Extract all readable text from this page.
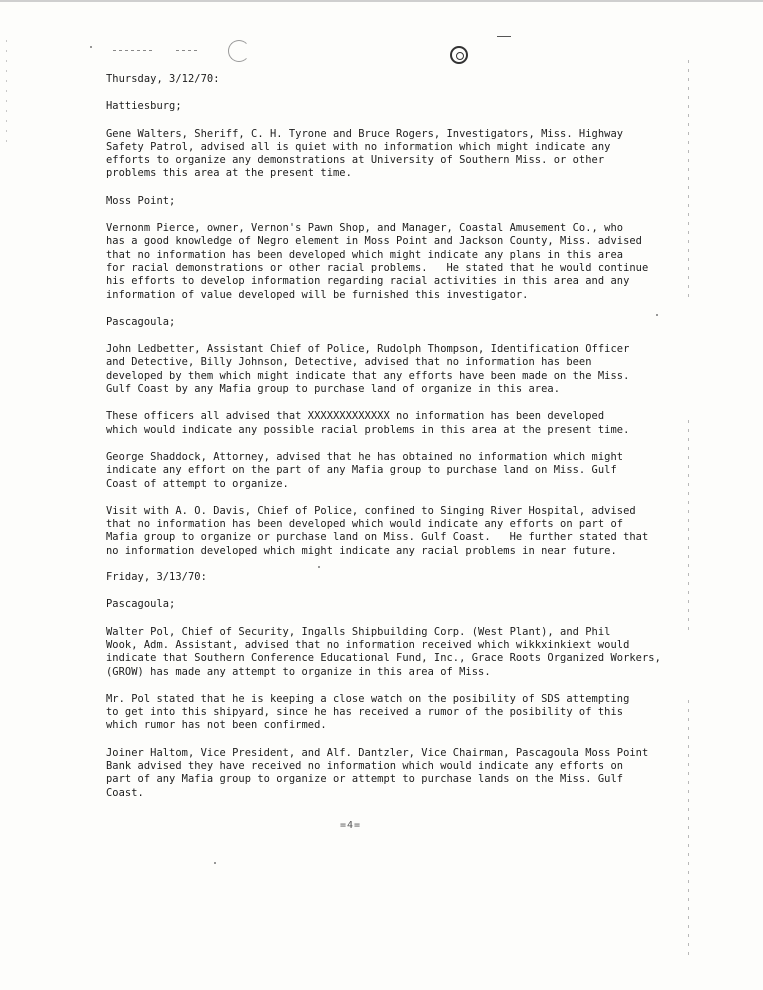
Thursday, 3/12/70:
Hattiesburg;
Gene Walters, Sheriff, C. H. Tyrone and Bruce Rogers, Investigators, Miss. Highway
Safety Patrol, advised all is quiet with no information which might indicate any
efforts to organize any demonstrations at University of Southern Miss. or other
problems this area at the present time.
Moss Point;
Vernonm Pierce, owner, Vernon's Pawn Shop, and Manager, Coastal Amusement Co., who
has a good knowledge of Negro element in Moss Point and Jackson County, Miss. advised
that no information has been developed which might indicate any plans in this area
for racial demonstrations or other racial problems.   He stated that he would continue
his efforts to develop information regarding racial activities in this area and any
information of value developed will be furnished this investigator.
Pascagoula;
John Ledbetter, Assistant Chief of Police, Rudolph Thompson, Identification Officer
and Detective, Billy Johnson, Detective, advised that no information has been
developed by them which might indicate that any efforts have been made on the Miss.
Gulf Coast by any Mafia group to purchase land of organize in this area.
These officers all advised that XXXXXXXXXXXXX no information has been developed
which would indicate any possible racial problems in this area at the present time.
George Shaddock, Attorney, advised that he has obtained no information which might
indicate any effort on the part of any Mafia group to purchase land on Miss. Gulf
Coast of attempt to organize.
Visit with A. O. Davis, Chief of Police, confined to Singing River Hospital, advised
that no information has been developed which would indicate any efforts on part of
Mafia group to organize or purchase land on Miss. Gulf Coast.   He further stated that
no information developed which might indicate any racial problems in near future.
Friday, 3/13/70:
Pascagoula;
Walter Pol, Chief of Security, Ingalls Shipbuilding Corp. (West Plant), and Phil
Wook, Adm. Assistant, advised that no information received which wikkxinkiext would
indicate that Southern Conference Educational Fund, Inc., Grace Roots Organized Workers,
(GROW) has made any attempt to organize in this area of Miss.
Mr. Pol stated that he is keeping a close watch on the posibility of SDS attempting
to get into this shipyard, since he has received a rumor of the posibility of this
which rumor has not been confirmed.
Joiner Haltom, Vice President, and Alf. Dantzler, Vice Chairman, Pascagoula Moss Point
Bank advised they have received no information which would indicate any efforts on
part of any Mafia group to organize or attempt to purchase lands on the Miss. Gulf
Coast.
=4=
